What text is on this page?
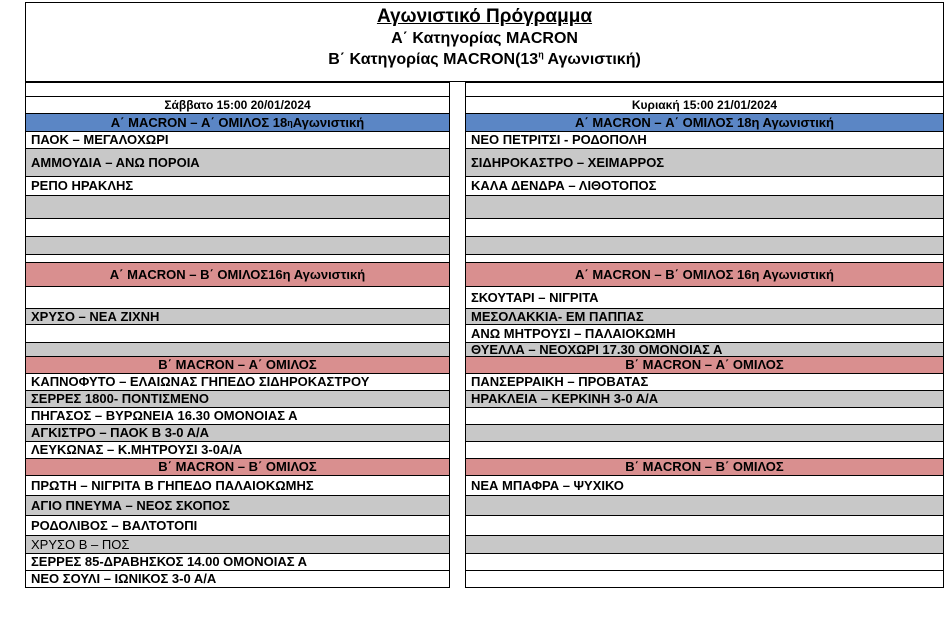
Αγωνιστικό Πρόγραμμα
Α΄ Κατηγορίας MACRON
Β΄ Κατηγορίας $MACRON(13^\eta$ Αγωνιστική)
Σάββατο 15:00 20/01/2024
Α΄ MACRON – Α΄ ΟΜΙΛΟΣ 18 η Αγωνιστική
ΠΑΟΚ – ΜΕΓΑΛΟΧΩΡΙ
ΑΜΜΟΥΔΙΑ – ΑΝΩ ΠΟΡΟΙΑ
ΡΕΠΟ ΗΡΑΚΛΗΣ
Α΄ MACRON – Β΄ ΟΜΙΛΟΣ16η Αγωνιστική
ΧΡΥΣΟ – ΝΕΑ ΖΙΧΝΗ
Β΄ MACRON – Α΄ ΟΜΙΛΟΣ
ΚΑΠΝΟΦΥΤΟ – ΕΛΑΙΩΝΑΣ ΓΗΠΕΔΟ ΣΙΔΗΡΟΚΑΣΤΡΟΥ
ΣΕΡΡΕΣ 1800- ΠΟΝΤΙΣΜΕΝΟ
ΠΗΓΑΣΟΣ – ΒΥΡΩΝΕΙΑ 16.30 ΟΜΟΝΟΙΑΣ Α
ΑΓΚΙΣΤΡΟ – ΠΑΟΚ Β 3-0 Α/Α
ΛΕΥΚΩΝΑΣ – Κ.ΜΗΤΡΟΥΣΙ 3-0Α/Α
Β΄ MACRON – Β΄ ΟΜΙΛΟΣ
ΠΡΩΤΗ – ΝΙΓΡΙΤΑ Β ΓΗΠΕΔΟ ΠΑΛΑΙΟΚΩΜΗΣ
ΑΓΙΟ ΠΝΕΥΜΑ – ΝΕΟΣ ΣΚΟΠΟΣ
ΡΟΔΟΛΙΒΟΣ – ΒΑΛΤΟΤΟΠΙ
ΧΡΥΣΟ Β – ΠΟΣ
ΣΕΡΡΕΣ 85-ΔΡΑΒΗΣΚΟΣ 14.00 ΟΜΟΝΟΙΑΣ Α
ΝΕΟ ΣΟΥΛΙ – ΙΩΝΙΚΟΣ 3-0 Α/Α
Κυριακή 15:00 21/01/2024
Α΄ MACRON – Α΄ ΟΜΙΛΟΣ 18η Αγωνιστική
ΝΕΟ ΠΕΤΡΙΤΣΙ - ΡΟΔΟΠΟΛΗ
ΣΙΔΗΡΟΚΑΣΤΡΟ – ΧΕΙΜΑΡΡΟΣ
ΚΑΛΑ ΔΕΝΔΡΑ – ΛΙΘΟΤΟΠΟΣ
Α΄ MACRON – Β΄ ΟΜΙΛΟΣ 16η Αγωνιστική
ΣΚΟΥΤΑΡΙ – ΝΙΓΡΙΤΑ
ΜΕΣΟΛΑΚΚΙΑ- ΕΜ ΠΑΠΠΑΣ
ΑΝΩ ΜΗΤΡΟΥΣΙ – ΠΑΛΑΙΟΚΩΜΗ
ΘΥΕΛΛΑ – ΝΕΟΧΩΡΙ 17.30 ΟΜΟΝΟΙΑΣ Α
Β΄ MACRON – Α΄ ΟΜΙΛΟΣ
ΠΑΝΣΕΡΡΑΙΚΗ – ΠΡΟΒΑΤΑΣ
ΗΡΑΚΛΕΙΑ – ΚΕΡΚΙΝΗ 3-0 Α/Α
Β΄ MACRON – Β΄ ΟΜΙΛΟΣ
ΝΕΑ ΜΠΑΦΡΑ – ΨΥΧΙΚΟ
